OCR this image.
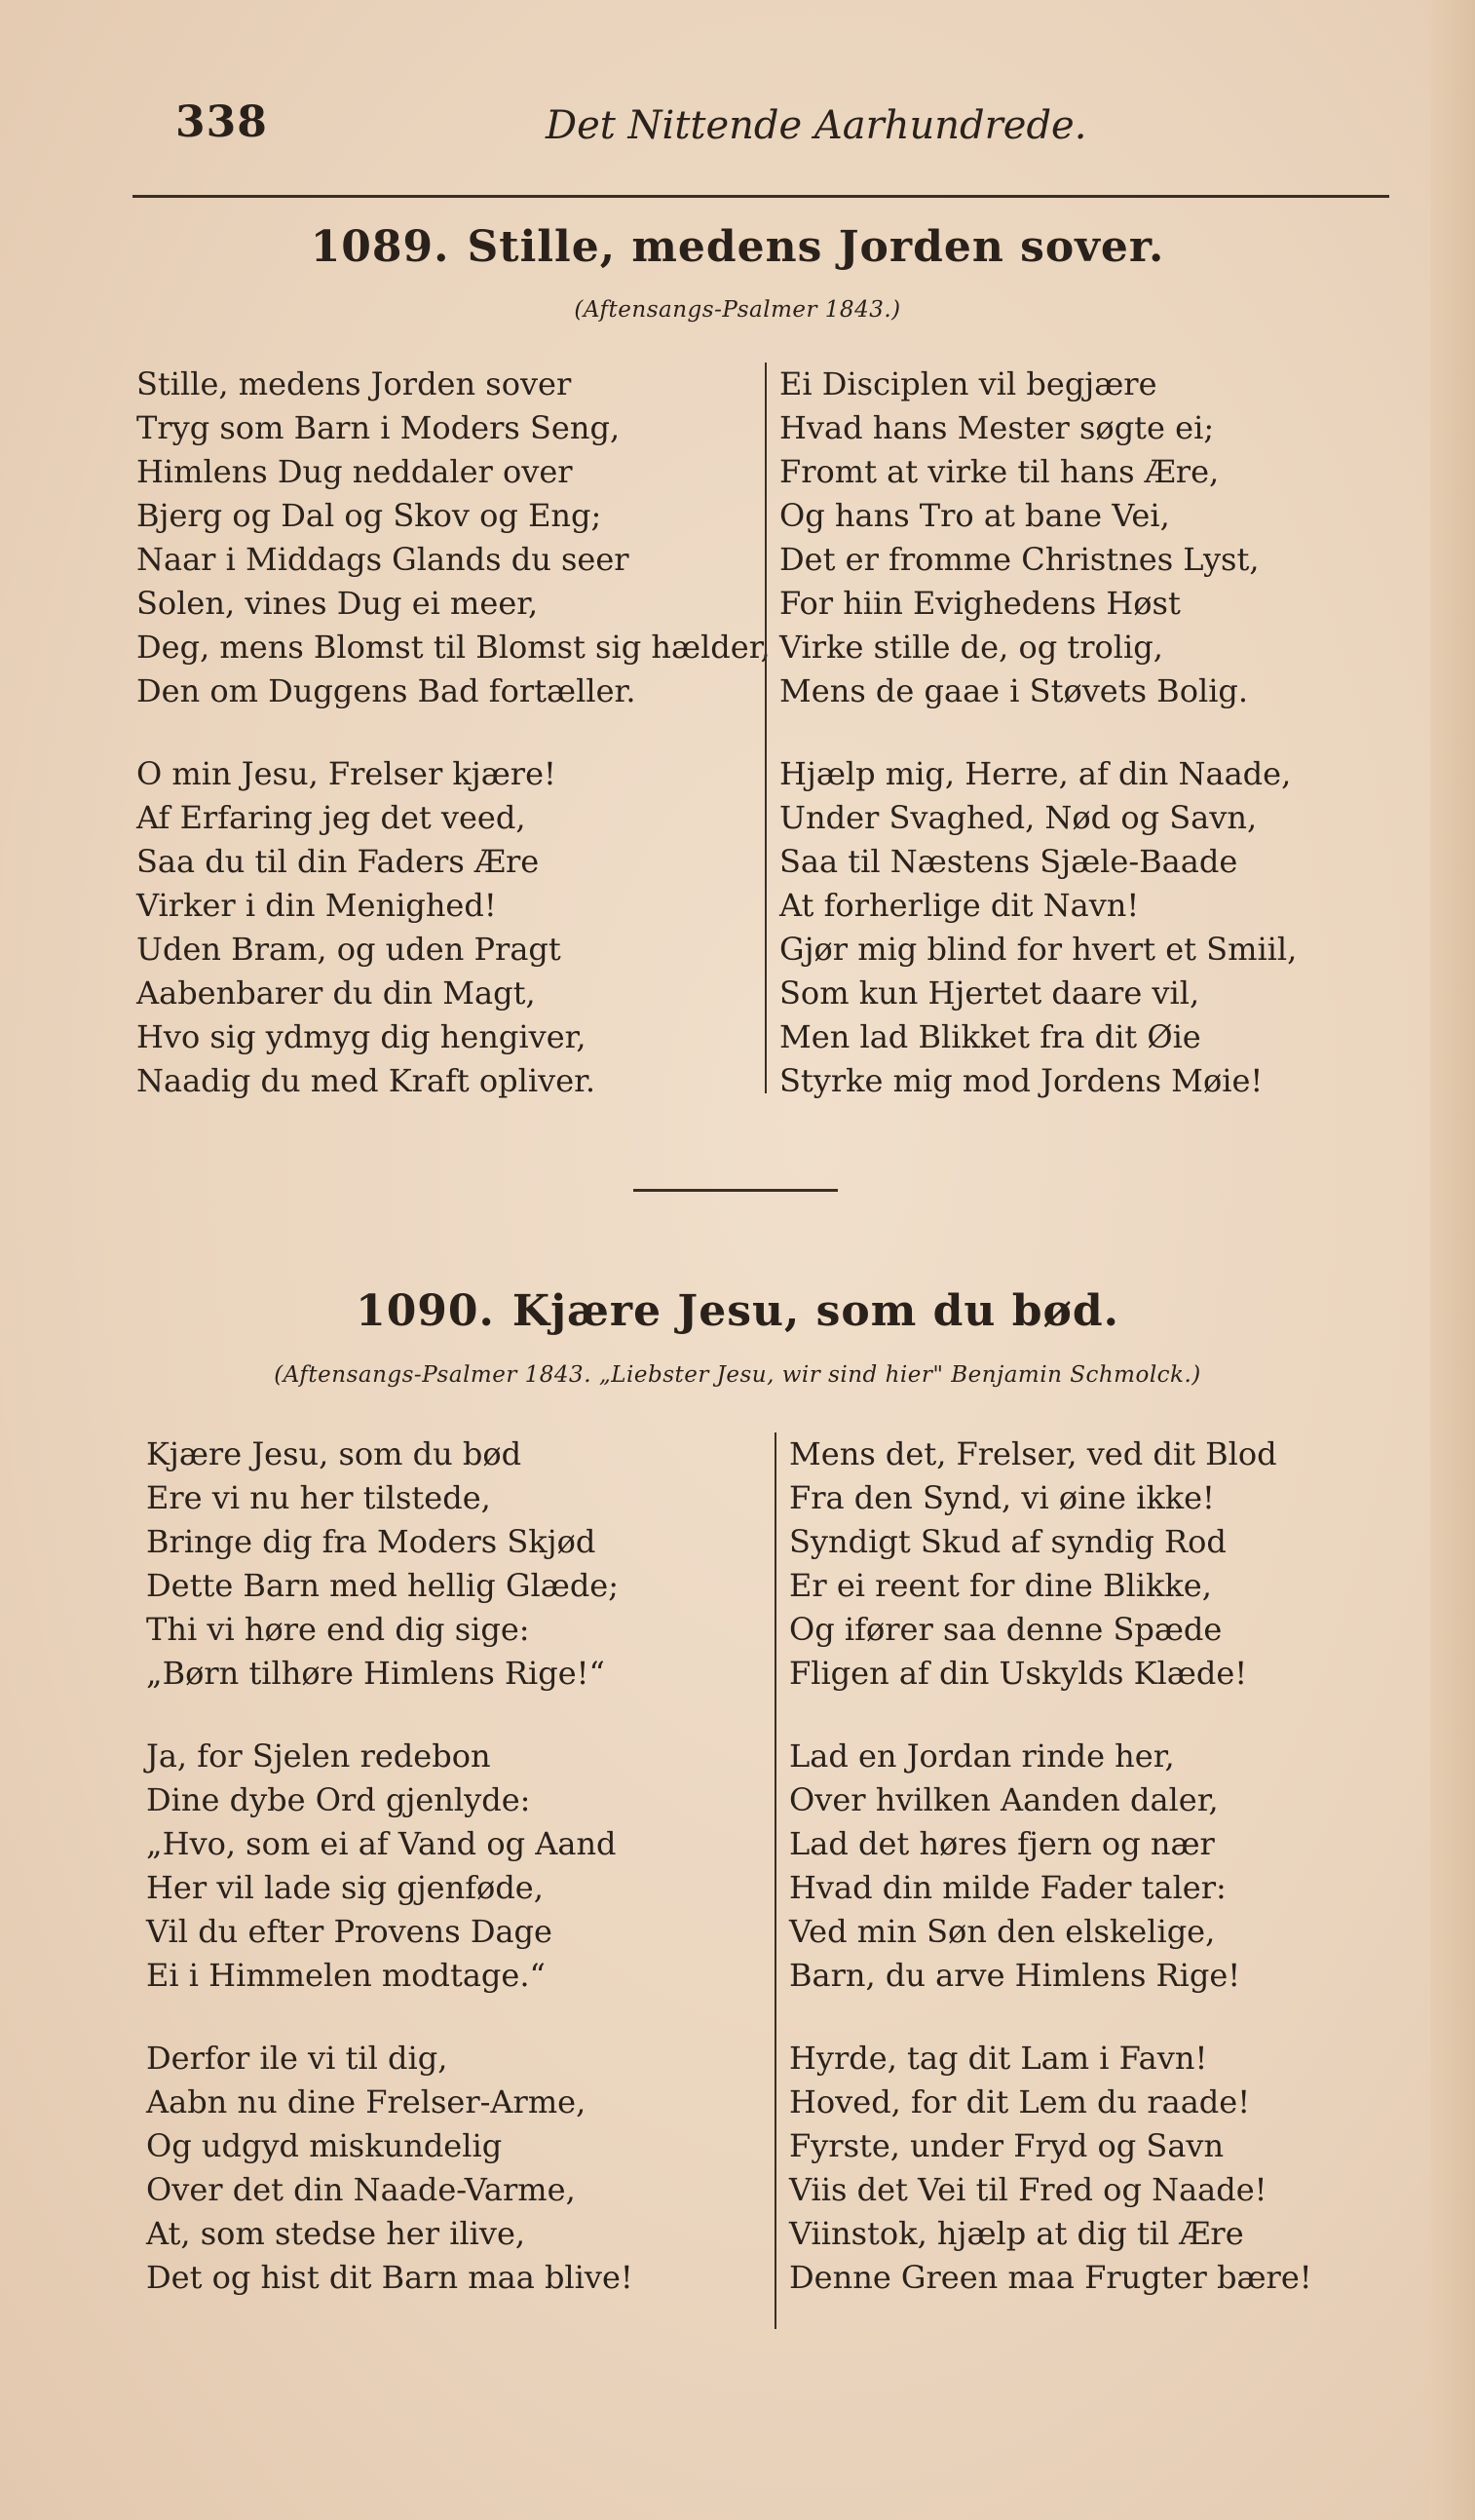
338	Det Nittende Aarhundrede.
1089. Stille, medens Jorden sover.
(Aftensangs-Psalmer 1843.)
Stille, medens Jorden sover
Tryg som Barn i Moders Seng,
Himlens Dug neddaler over
Bjerg og Dal og Skov og Eng;
Naar i Middags Glands du seer
Solen, vines Dug ei meer,
Deg, mens Blomst til Blomst sig hælder,
Den om Duggens Bad fortæller.
O min Jesu, Frelser kjære!
Af Erfaring jeg det veed,
Saa du til din Faders Ære
Virker i din Menighed!
Uden Bram, og uden Pragt
Aabenbarer du din Magt,
Hvo sig ydmyg dig hengiver,
Naadig du med Kraft opliver.
Ei Disciplen vil begjære
Hvad hans Mester søgte ei;
Fromt at virke til hans Ære,
Og hans Tro at bane Vei,
Det er fromme Christnes Lyst,
For hiin Evighedens Høst
Virke stille de, og trolig,
Mens de gaae i Støvets Bolig.
Hjælp mig, Herre, af din Naade,
Under Svaghed, Nød og Savn,
Saa til Næstens Sjæle-Baade
At forherlige dit Navn!
Gjør mig blind for hvert et Smiil,
Som kun Hjertet daare vil,
Men lad Blikket fra dit Øie
Styrke mig mod Jordens Møie!
1090. Kjære Jesu, som du bød.
(Aftensangs-Psalmer 1843. „Liebster Jesu, wir sind hier" Benjamin Schmolck.)
Kjære Jesu, som du bød
Ere vi nu her tilstede,
Bringe dig fra Moders Skjød
Dette Barn med hellig Glæde;
Thi vi høre end dig sige:
„Børn tilhøre Himlens Rige!“
Ja, for Sjelen redebon
Dine dybe Ord gjenlyde:
„Hvo, som ei af Vand og Aand
Her vil lade sig gjenføde,
Vil du efter Provens Dage
Ei i Himmelen modtage.“
Derfor ile vi til dig,
Aabn nu dine Frelser-Arme,
Og udgyd miskundelig
Over det din Naade-Varme,
At, som stedse her ilive,
Det og hist dit Barn maa blive!
Mens det, Frelser, ved dit Blod
Fra den Synd, vi øine ikke!
Syndigt Skud af syndig Rod
Er ei reent for dine Blikke,
Og ifører saa denne Spæde
Fligen af din Uskylds Klæde!
Lad en Jordan rinde her,
Over hvilken Aanden daler,
Lad det høres fjern og nær
Hvad din milde Fader taler:
Ved min Søn den elskelige,
Barn, du arve Himlens Rige!
Hyrde, tag dit Lam i Favn!
Hoved, for dit Lem du raade!
Fyrste, under Fryd og Savn
Viis det Vei til Fred og Naade!
Viinstok, hjælp at dig til Ære
Denne Green maa Frugter bære!
